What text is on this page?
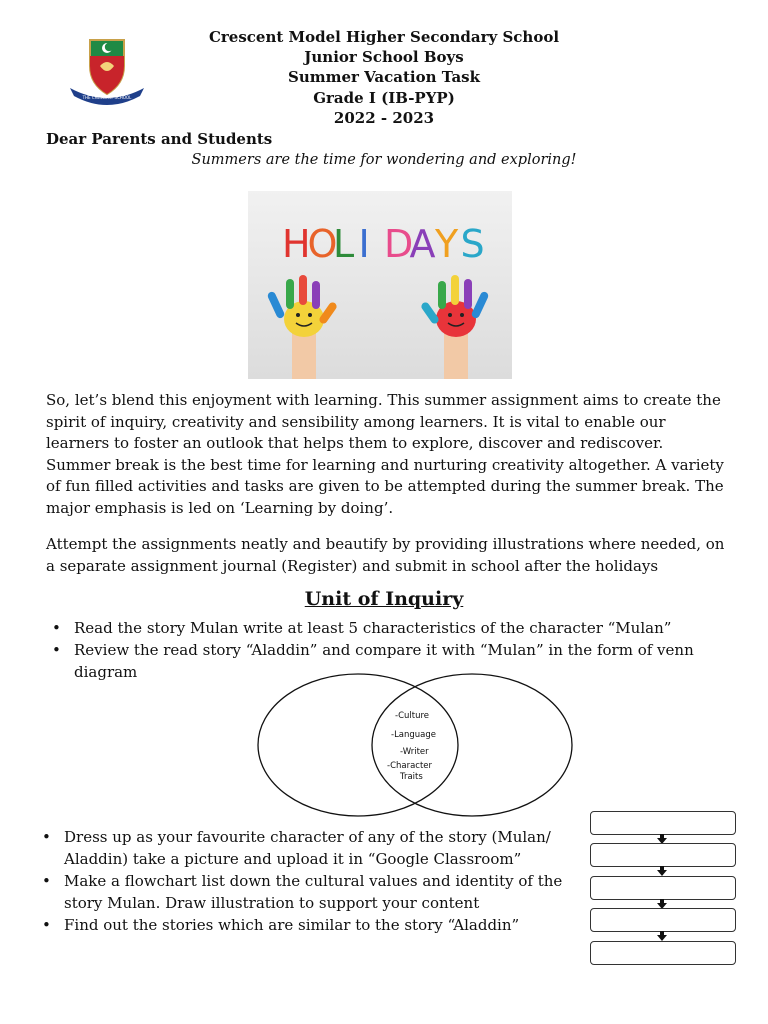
THE CRESCENT SCHOOL
Crescent Model Higher Secondary School
Junior School Boys
Summer Vacation Task
Grade I (IB-PYP)
2022 - 2023
Dear Parents and Students
Summers are the time for wondering and exploring!
H
O
L I D
A Y S
So, let’s blend this enjoyment with learning. This summer assignment aims to create the spirit of inquiry, creativity and sensibility among learners. It is vital to enable our learners to foster an outlook that helps them to explore, discover and rediscover. Summer break is the best time for learning and nurturing creativity altogether. A variety of fun filled activities and tasks are given to be attempted during the summer break. The major emphasis is led on ‘Learning by doing’.
Attempt the assignments neatly and beautify by providing illustrations where needed, on a separate assignment journal (Register) and submit in school after the holidays
Unit of Inquiry
• Read the story Mulan write at least 5 characteristics of the character “Mulan”
• Review the read story “Aladdin” and compare it with “Mulan” in the form of venn diagram
-Culture
-Language
-Writer
-Character
Traits
• Dress up as your favourite character of any of the story (Mulan/ Aladdin) take a picture and upload it in “Google Classroom”
• Make a flowchart list down the cultural values and identity of the story Mulan. Draw illustration to support your content
• Find out the stories which are similar to the story “Aladdin”
